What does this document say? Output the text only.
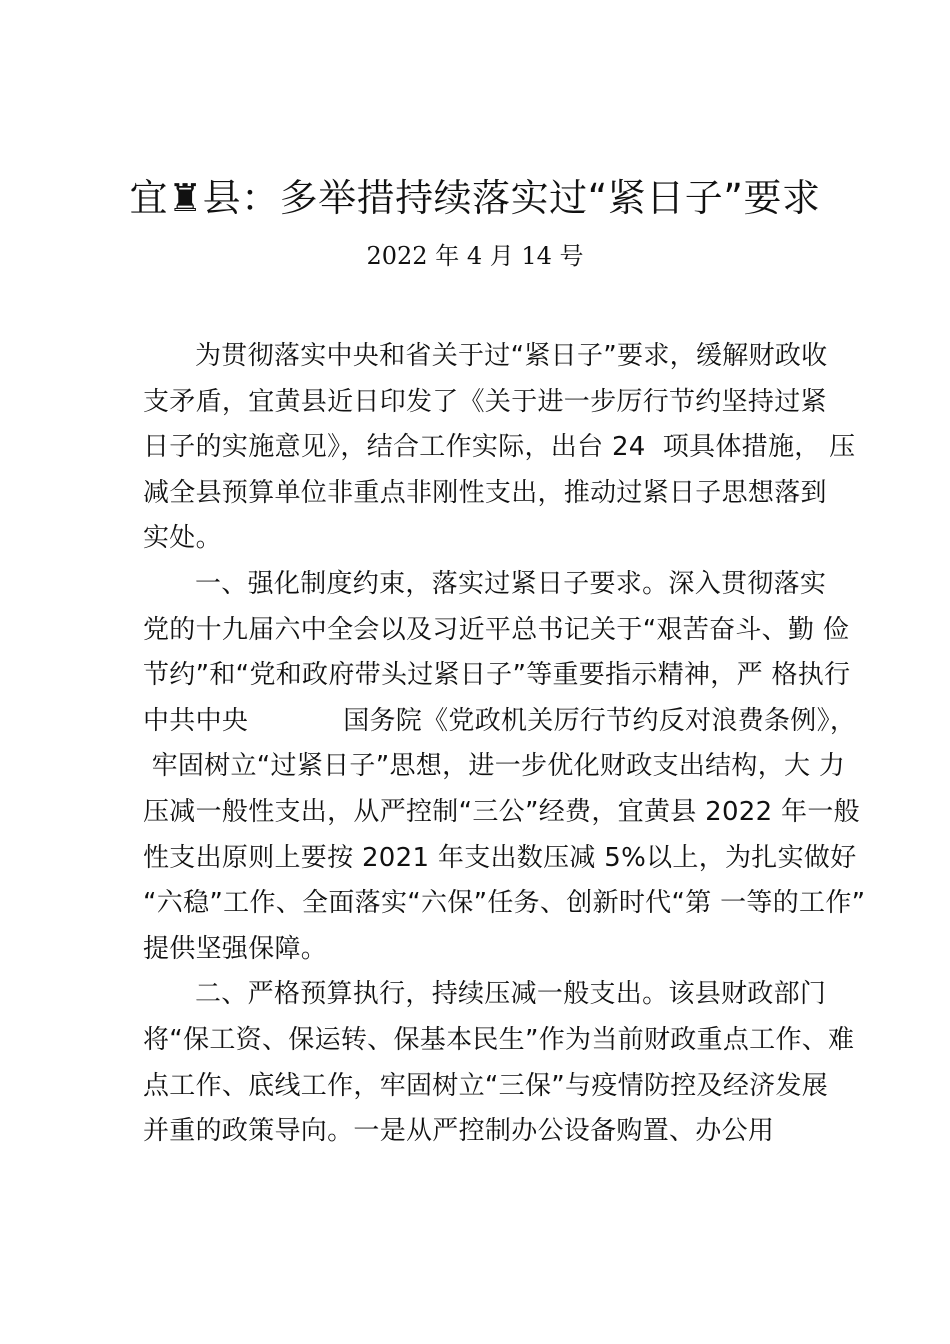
宜♜县：多举措持续落实过“紧日子”要求
2022 年 4 月 14 号
为贯彻落实中央和省关于过“紧日子”要求，缓解财政收
支矛盾，宜黄县近日印发了《关于进一步厉行节约坚持过紧
日子的实施意见》，结合工作实际，出台 24  项具体措施， 压
减全县预算单位非重点非刚性支出，推动过紧日子思想落到
实处。
一、强化制度约束，落实过紧日子要求。深入贯彻落实
党的十九届六中全会以及习近平总书记关于“艰苦奋斗、勤 俭
节约”和“党和政府带头过紧日子”等重要指示精神，严 格执行
中共中央	国务院《党政机关厉行节约反对浪费条例》，
牢固树立“过紧日子”思想，进一步优化财政支出结构，大 力
压减一般性支出，从严控制“三公”经费，宜黄县 2022 年一般
性支出原则上要按 2021 年支出数压减 5%以上，为扎实做好
“六稳”工作、全面落实“六保”任务、创新时代“第 一等的工作”
提供坚强保障。
二、严格预算执行，持续压减一般支出。该县财政部门
将“保工资、保运转、保基本民生”作为当前财政重点工作、难
点工作、底线工作，牢固树立“三保”与疫情防控及经济发展
并重的政策导向。一是从严控制办公设备购置、办公用
